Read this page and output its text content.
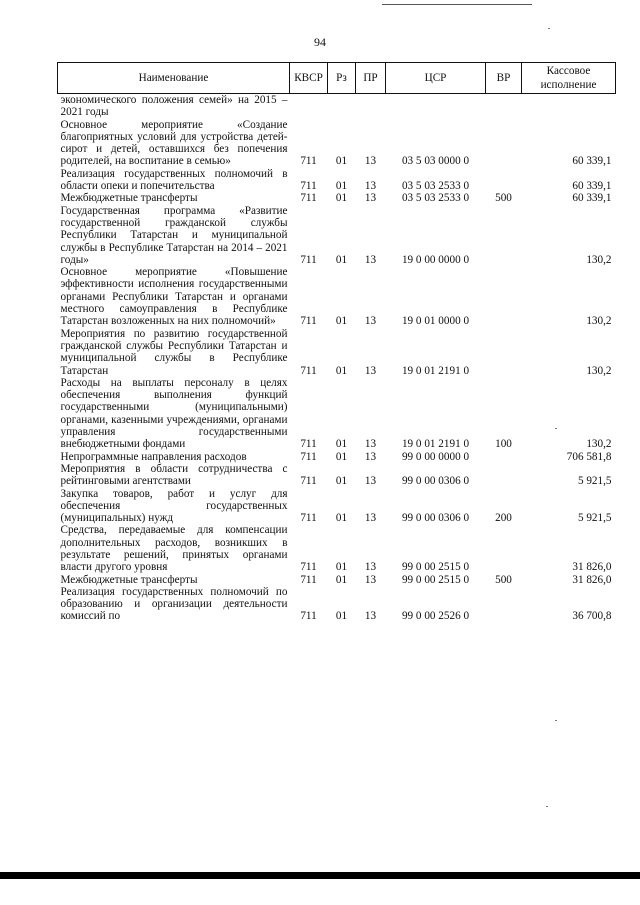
94
Наименование	КВСР	Рз	ПР	ЦСР	ВР	Кассовое исполнение
экономического положения семей» на 2015 – 2021 годы						
Основное мероприятие «Создание благоприятных условий для устройства детей-сирот и детей, оставшихся без попечения родителей, на воспитание в семью»	711	01	13	03 5 03 0000 0		60 339,1
Реализация государственных полномочий в области опеки и попечительства	711	01	13	03 5 03 2533 0		60 339,1
Межбюджетные трансферты	711	01	13	03 5 03 2533 0	500	60 339,1
Государственная программа «Развитие государственной гражданской службы Республики Татарстан и муниципальной службы в Республике Татарстан на 2014 – 2021 годы»	711	01	13	19 0 00 0000 0		130,2
Основное мероприятие «Повышение эффективности исполнения государственными органами Республики Татарстан и органами местного самоуправления в Республике Татарстан возложенных на них полномочий»	711	01	13	19 0 01 0000 0		130,2
Мероприятия по развитию государственной гражданской службы Республики Татарстан и муниципальной службы в Республике Татарстан	711	01	13	19 0 01 2191 0		130,2
Расходы на выплаты персоналу в целях обеспечения выполнения функций государственными (муниципальными) органами, казенными учреждениями, органами управления государственными внебюджетными фондами	711	01	13	19 0 01 2191 0	100	130,2
Непрограммные направления расходов	711	01	13	99 0 00 0000 0		706 581,8
Мероприятия в области сотрудничества с рейтинговыми агентствами	711	01	13	99 0 00 0306 0		5 921,5
Закупка товаров, работ и услуг для обеспечения государственных (муниципальных) нужд	711	01	13	99 0 00 0306 0	200	5 921,5
Средства, передаваемые для компенсации дополнительных расходов, возникших в результате решений, принятых органами власти другого уровня	711	01	13	99 0 00 2515 0		31 826,0
Межбюджетные трансферты	711	01	13	99 0 00 2515 0	500	31 826,0
Реализация государственных полномочий по образованию и организации деятельности комиссий по	711	01	13	99 0 00 2526 0		36 700,8
